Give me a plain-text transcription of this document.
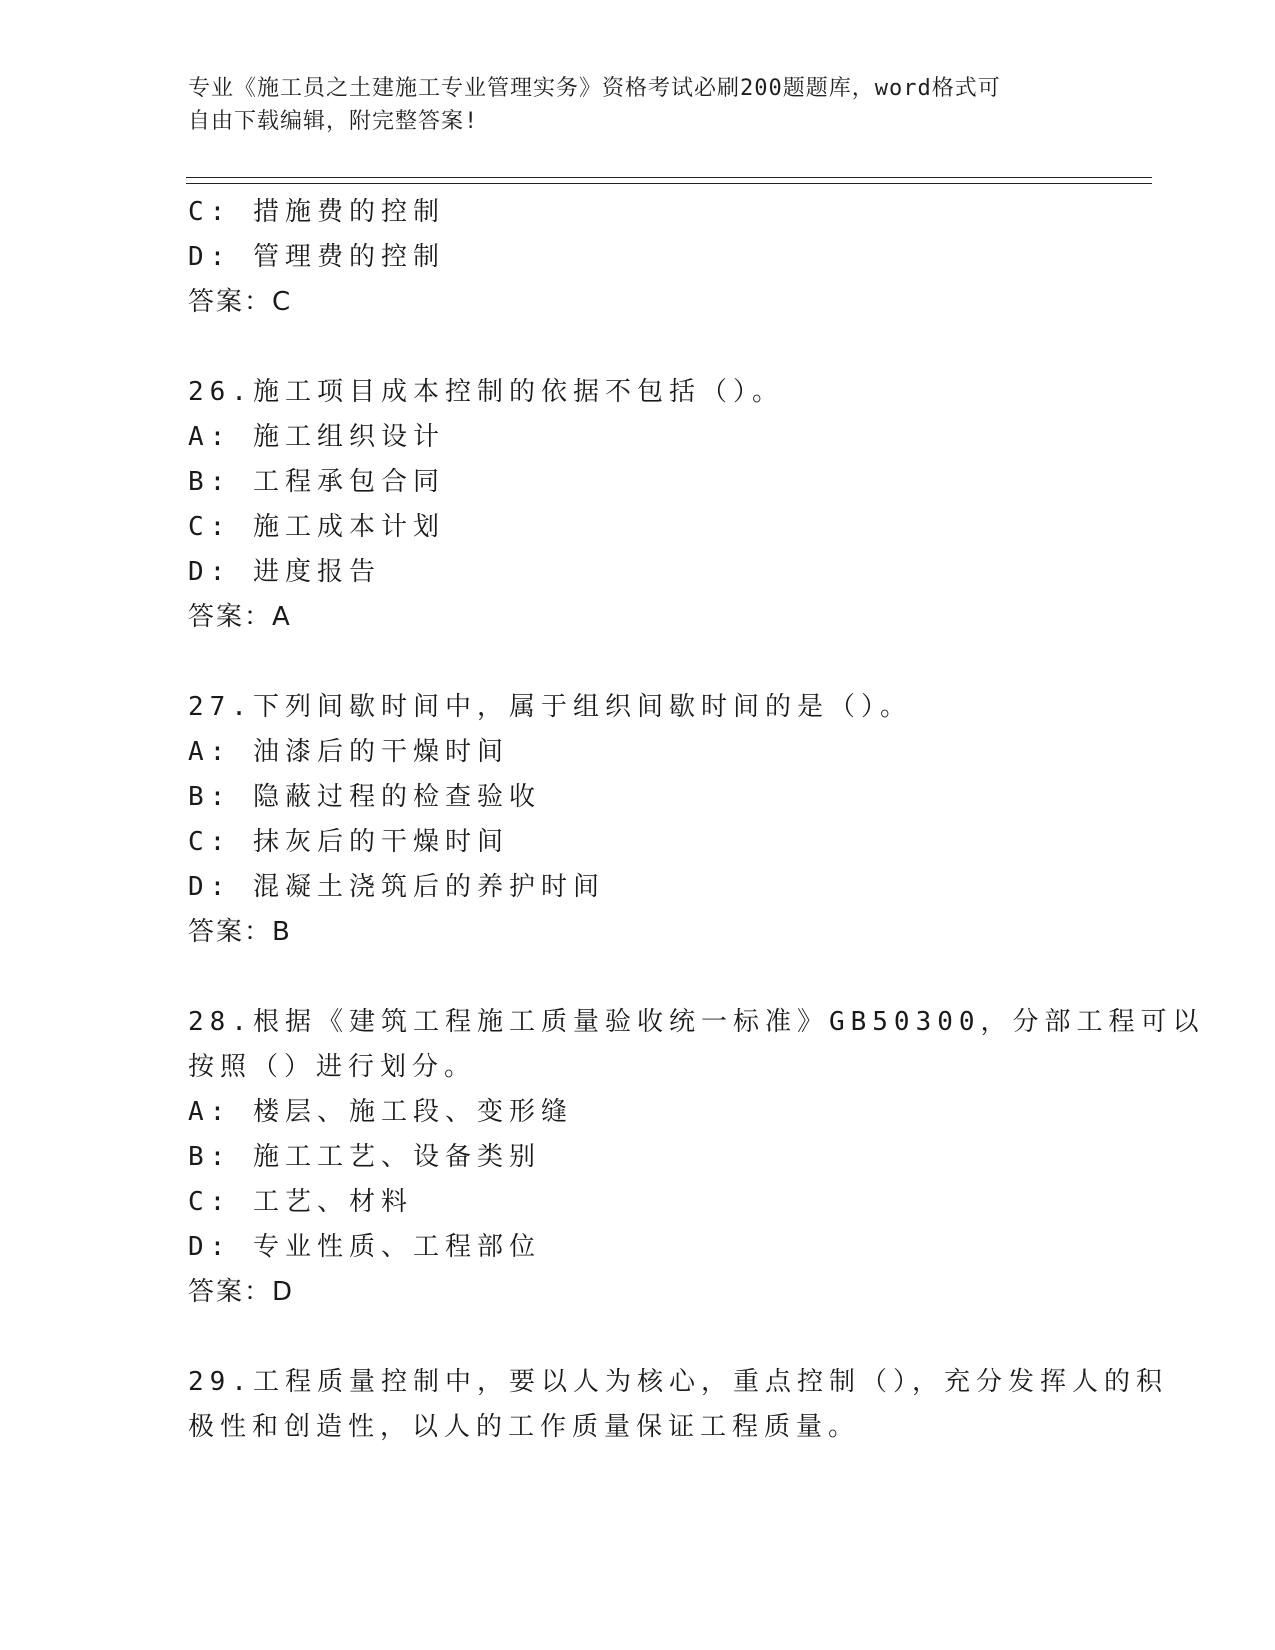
专业《施工员之土建施工专业管理实务》资格考试必刷200题题库，word格式可
自由下载编辑，附完整答案!
C: 措施费的控制
D: 管理费的控制
答案：C
26.施工项目成本控制的依据不包括（）。
A: 施工组织设计
B: 工程承包合同
C: 施工成本计划
D: 进度报告
答案：A
27.下列间歇时间中，属于组织间歇时间的是（）。
A: 油漆后的干燥时间
B: 隐蔽过程的检查验收
C: 抹灰后的干燥时间
D: 混凝土浇筑后的养护时间
答案：B
28.根据《建筑工程施工质量验收统一标准》GB50300，分部工程可以
按照（）进行划分。
A: 楼层、施工段、变形缝
B: 施工工艺、设备类别
C: 工艺、材料
D: 专业性质、工程部位
答案：D
29.工程质量控制中，要以人为核心，重点控制（），充分发挥人的积
极性和创造性，以人的工作质量保证工程质量。
